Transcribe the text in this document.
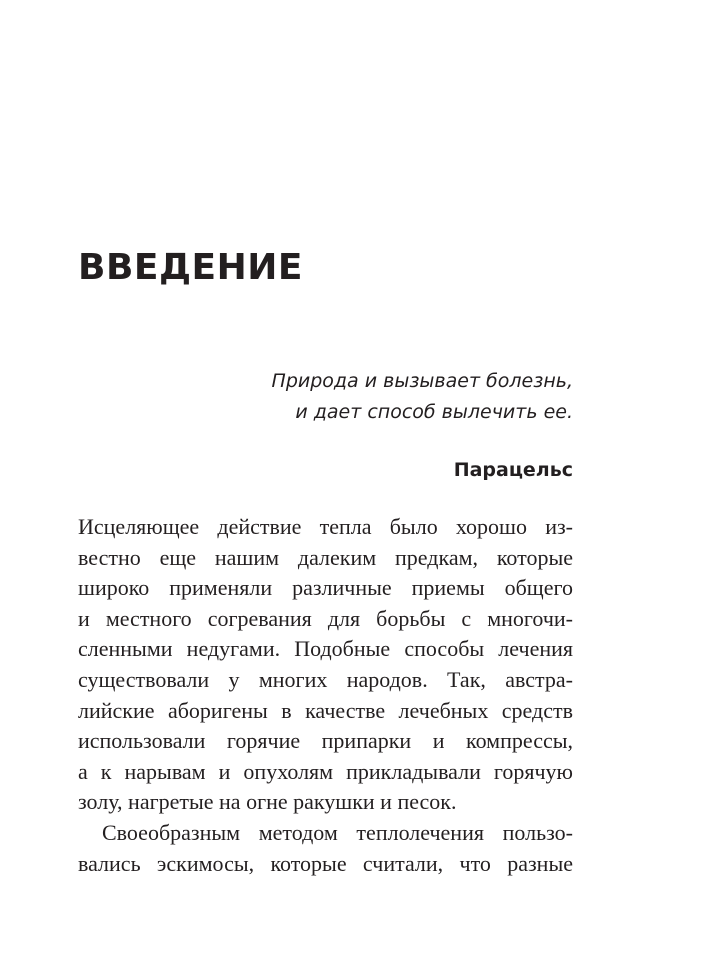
ВВЕДЕНИЕ
Природа и вызывает болезнь,
и дает способ вылечить ее.
Парацельс
Исцеляющее действие тепла было хорошо из-
вестно еще нашим далеким предкам, которые
широко применяли различные приемы общего
и местного согревания для борьбы с многочи-
сленными недугами. Подобные способы лечения
существовали у многих народов. Так, австра-
лийские аборигены в качестве лечебных средств
использовали горячие припарки и компрессы,
а к нарывам и опухолям прикладывали горячую
золу, нагретые на огне ракушки и песок.
Своеобразным методом теплолечения пользо-
вались эскимосы, которые считали, что разные
